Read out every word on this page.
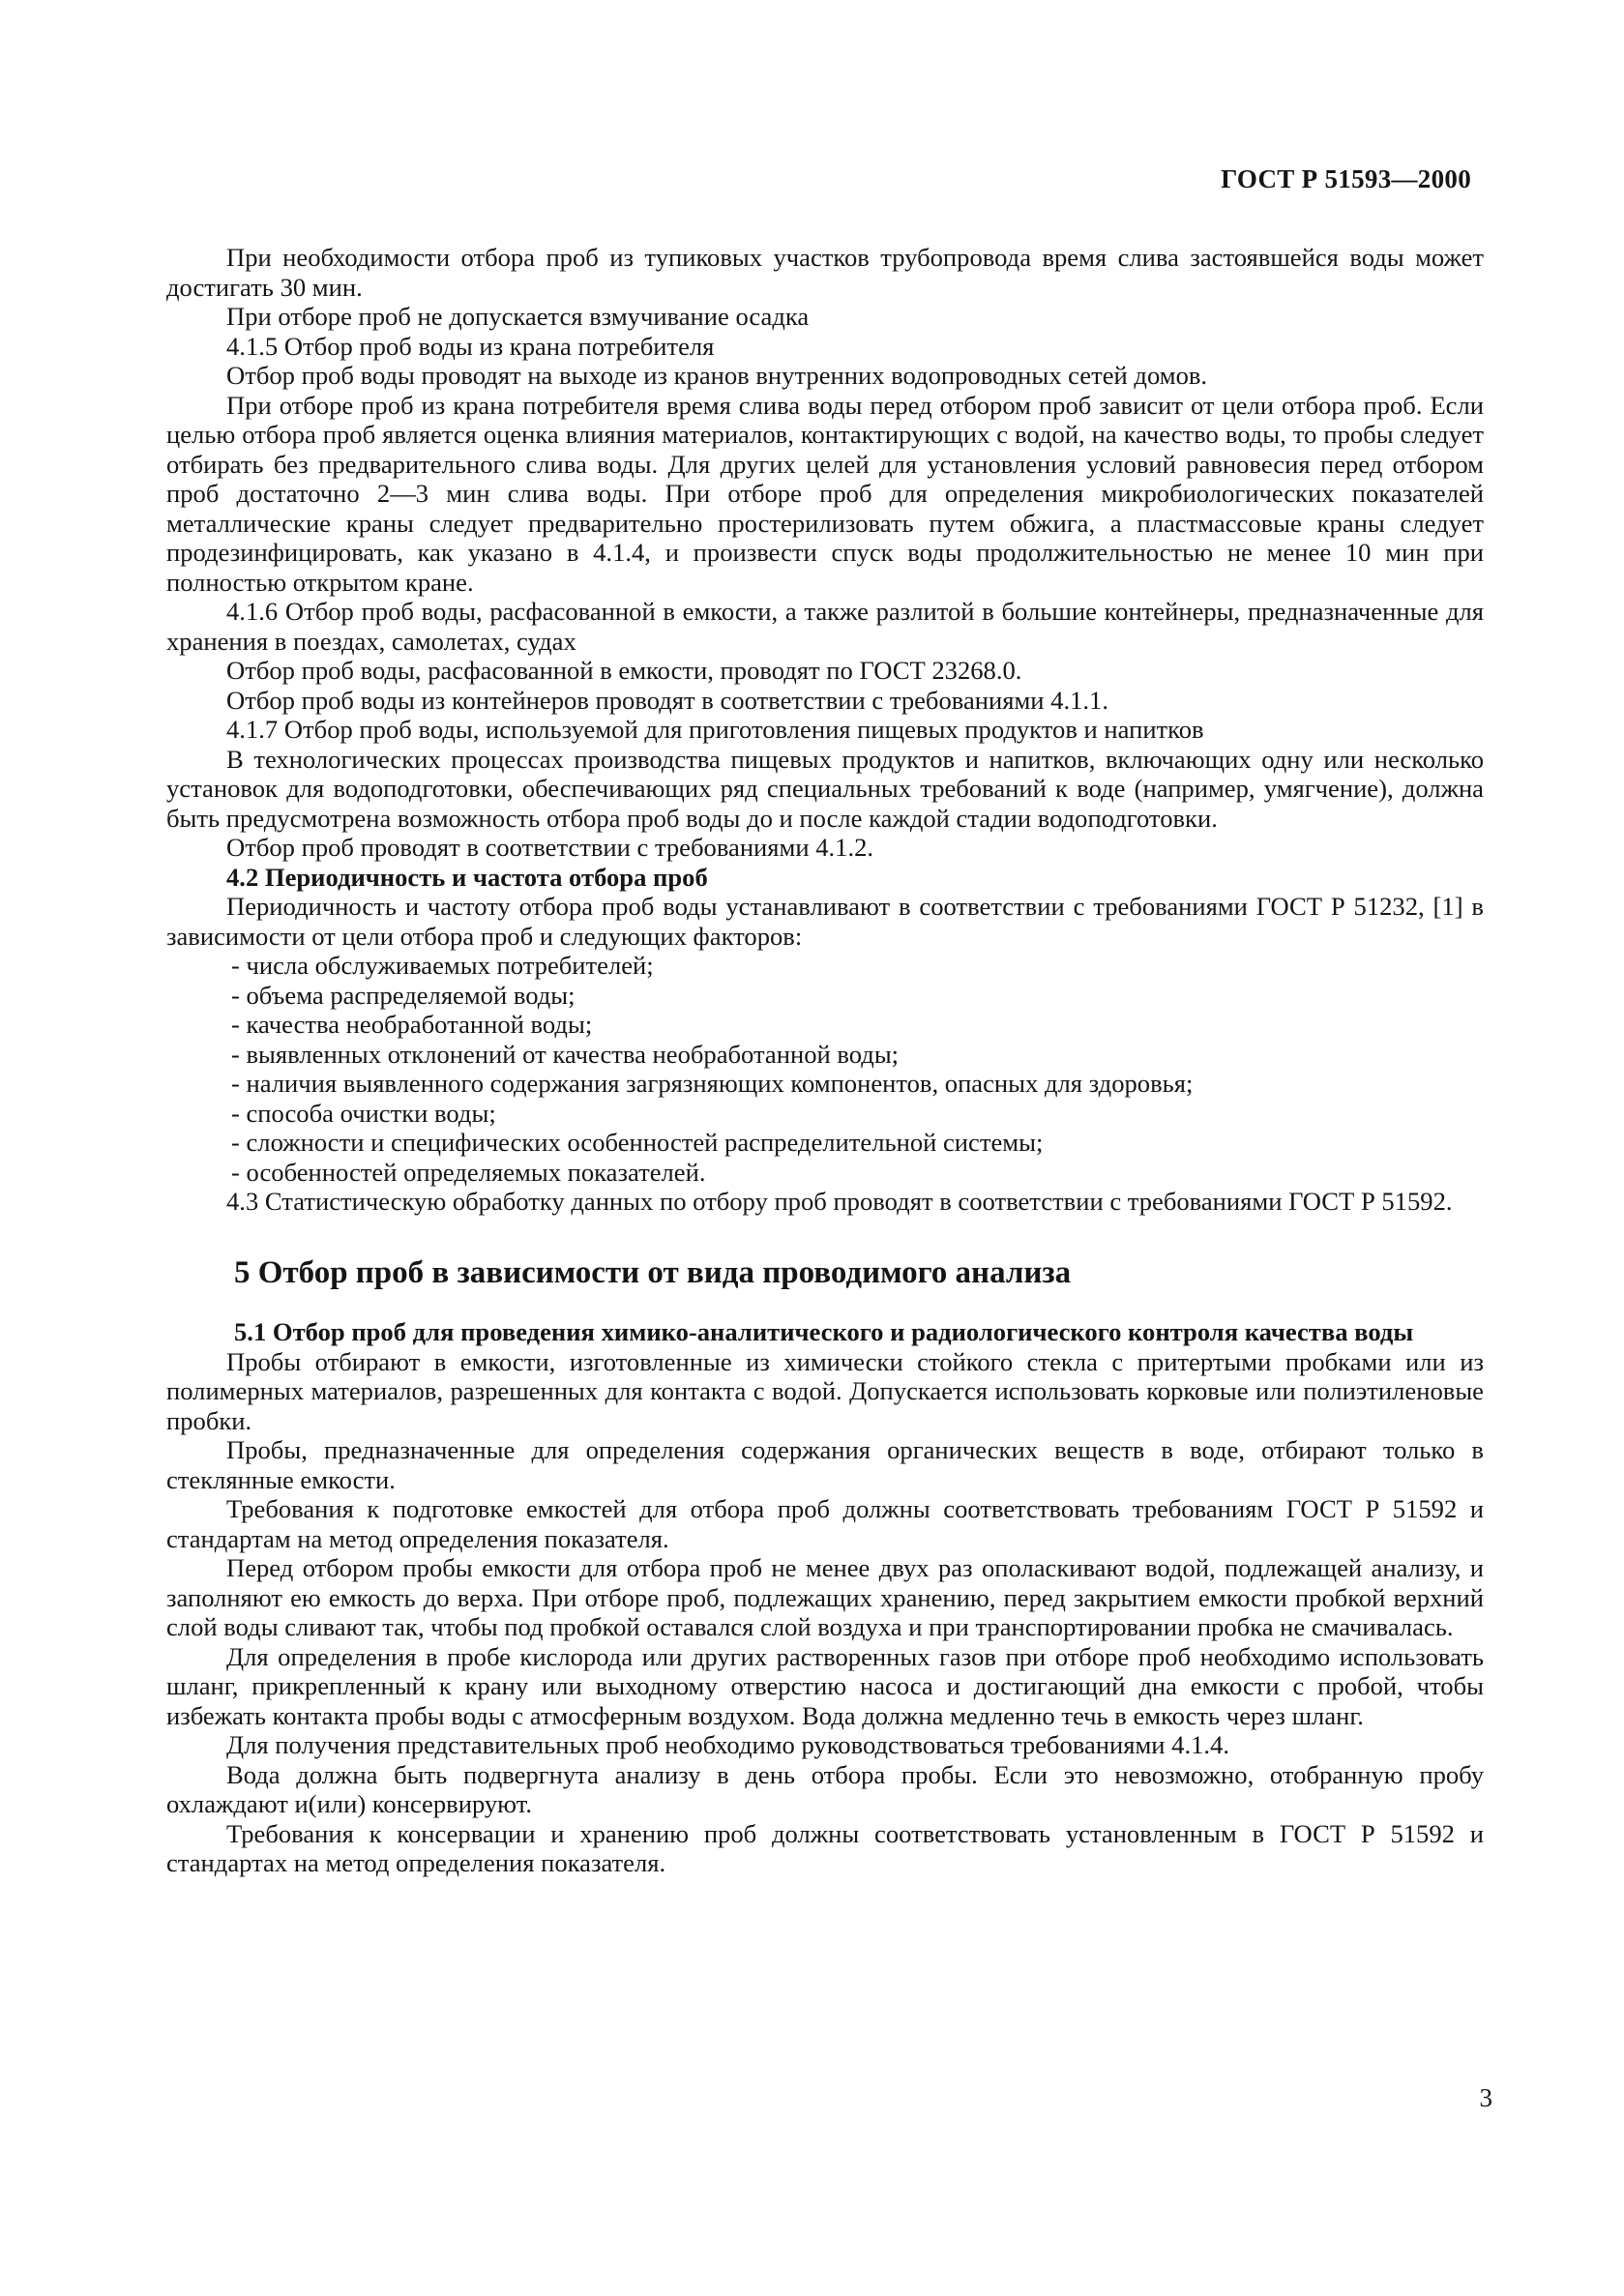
ГОСТ Р 51593—2000

При необходимости отбора проб из тупиковых участков трубопровода время слива застоявшейся воды может достигать 30 мин.

При отборе проб не допускается взмучивание осадка

4.1.5 Отбор проб воды из крана потребителя

Отбор проб воды проводят на выходе из кранов внутренних водопроводных сетей домов.

При отборе проб из крана потребителя время слива воды перед отбором проб зависит от цели отбора проб. Если целью отбора проб является оценка влияния материалов, контактирующих с водой, на качество воды, то пробы следует отбирать без предварительного слива воды. Для других целей для установления условий равновесия перед отбором проб достаточно 2—3 мин слива воды. При отборе проб для определения микробиологических показателей металлические краны следует предварительно простерилизовать путем обжига, а пластмассовые краны следует продезинфицировать, как указано в 4.1.4, и произвести спуск воды продолжительностью не менее 10 мин при полностью открытом кране.

4.1.6 Отбор проб воды, расфасованной в емкости, а также разлитой в большие контейнеры, предназначенные для хранения в поездах, самолетах, судах

Отбор проб воды, расфасованной в емкости, проводят по ГОСТ 23268.0.

Отбор проб воды из контейнеров проводят в соответствии с требованиями 4.1.1.

4.1.7 Отбор проб воды, используемой для приготовления пищевых продуктов и напитков

В технологических процессах производства пищевых продуктов и напитков, включающих одну или несколько установок для водоподготовки, обеспечивающих ряд специальных требований к воде (например, умягчение), должна быть предусмотрена возможность отбора проб воды до и после каждой стадии водоподготовки.

Отбор проб проводят в соответствии с требованиями 4.1.2.

4.2 Периодичность и частота отбора проб

Периодичность и частоту отбора проб воды устанавливают в соответствии с требованиями ГОСТ Р 51232, [1] в зависимости от цели отбора проб и следующих факторов:

- числа обслуживаемых потребителей;

- объема распределяемой воды;

- качества необработанной воды;

- выявленных отклонений от качества необработанной воды;

- наличия выявленного содержания загрязняющих компонентов, опасных для здоровья;

- способа очистки воды;

- сложности и специфических особенностей распределительной системы;

- особенностей определяемых показателей.

4.3 Статистическую обработку данных по отбору проб проводят в соответствии с требованиями ГОСТ Р 51592.

5 Отбор проб в зависимости от вида проводимого анализа

5.1 Отбор проб для проведения химико-аналитического и радиологического контроля качества воды

Пробы отбирают в емкости, изготовленные из химически стойкого стекла с притертыми пробками или из полимерных материалов, разрешенных для контакта с водой. Допускается использовать корковые или полиэтиленовые пробки.

Пробы, предназначенные для определения содержания органических веществ в воде, отбирают только в стеклянные емкости.

Требования к подготовке емкостей для отбора проб должны соответствовать требованиям ГОСТ Р 51592 и стандартам на метод определения показателя.

Перед отбором пробы емкости для отбора проб не менее двух раз ополаскивают водой, подлежащей анализу, и заполняют ею емкость до верха. При отборе проб, подлежащих хранению, перед закрытием емкости пробкой верхний слой воды сливают так, чтобы под пробкой оставался слой воздуха и при транспортировании пробка не смачивалась.

Для определения в пробе кислорода или других растворенных газов при отборе проб необходимо использовать шланг, прикрепленный к крану или выходному отверстию насоса и достигающий дна емкости с пробой, чтобы избежать контакта пробы воды с атмосферным воздухом. Вода должна медленно течь в емкость через шланг.

Для получения представительных проб необходимо руководствоваться требованиями 4.1.4.

Вода должна быть подвергнута анализу в день отбора пробы. Если это невозможно, отобранную пробу охлаждают и(или) консервируют.

Требования к консервации и хранению проб должны соответствовать установленным в ГОСТ Р 51592 и стандартах на метод определения показателя.

3
